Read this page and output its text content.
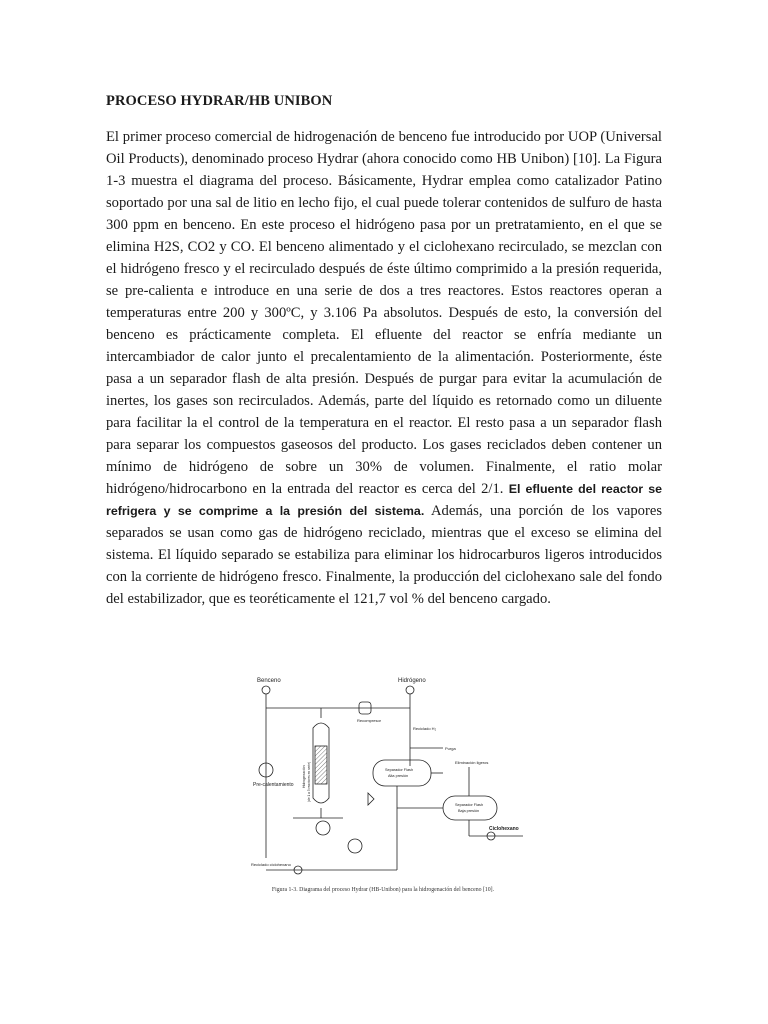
PROCESO HYDRAR/HB UNIBON

El primer proceso comercial de hidrogenación de benceno fue introducido por UOP (Universal Oil Products), denominado proceso Hydrar (ahora conocido como HB Unibon) [10]. La Figura 1-3 muestra el diagrama del proceso. Básicamente, Hydrar emplea como catalizador Patino soportado por una sal de litio en lecho fijo, el cual puede tolerar contenidos de sulfuro de hasta 300 ppm en benceno. En este proceso el hidrógeno pasa por un pretratamiento, en el que se elimina H2S, CO2 y CO. El benceno alimentado y el ciclohexano recirculado, se mezclan con el hidrógeno fresco y el recirculado después de éste último comprimido a la presión requerida, se pre-calienta e introduce en una serie de dos a tres reactores. Estos reactores operan a temperaturas entre 200 y 300ºC, y 3.106 Pa absolutos. Después de esto, la conversión del benceno es prácticamente completa. El efluente del reactor se enfría mediante un intercambiador de calor junto el precalentamiento de la alimentación. Posteriormente, éste pasa a un separador flash de alta presión. Después de purgar para evitar la acumulación de inertes, los gases son recirculados. Además, parte del líquido es retornado como un diluente para facilitar la el control de la temperatura en el reactor. El resto pasa a un separador flash para separar los compuestos gaseosos del producto. Los gases reciclados deben contener un mínimo de hidrógeno de sobre un 30% de volumen. Finalmente, el ratio molar hidrógeno/hidrocarbono en la entrada del reactor es cerca del 2/1. El efluente del reactor se refrigera y se comprime a la presión del sistema. Además, una porción de los vapores separados se usan como gas de hidrógeno reciclado, mientras que el exceso se elimina del sistema. El líquido separado se estabiliza para eliminar los hidrocarburos ligeros introducidos con la corriente de hidrógeno fresco. Finalmente, la producción del ciclohexano sale del fondo del estabilizador, que es teoréticamente el 121,7 vol % del benceno cargado.

Benceno	Hidrógeno
Recompresor
Reciclado H₂
Purga
Eliminación ligeros
Hidrogenación (de 1 a 3 reactores en serie)	Separador Flash
Alta presión
Separador Flash
Baja presión
Pre-calentamiento
Ciclohexano
Reciclado ciclohexano
Figura 1-3. Diagrama del proceso Hydrar (HB-Unibon) para la hidrogenación del benceno [10].
